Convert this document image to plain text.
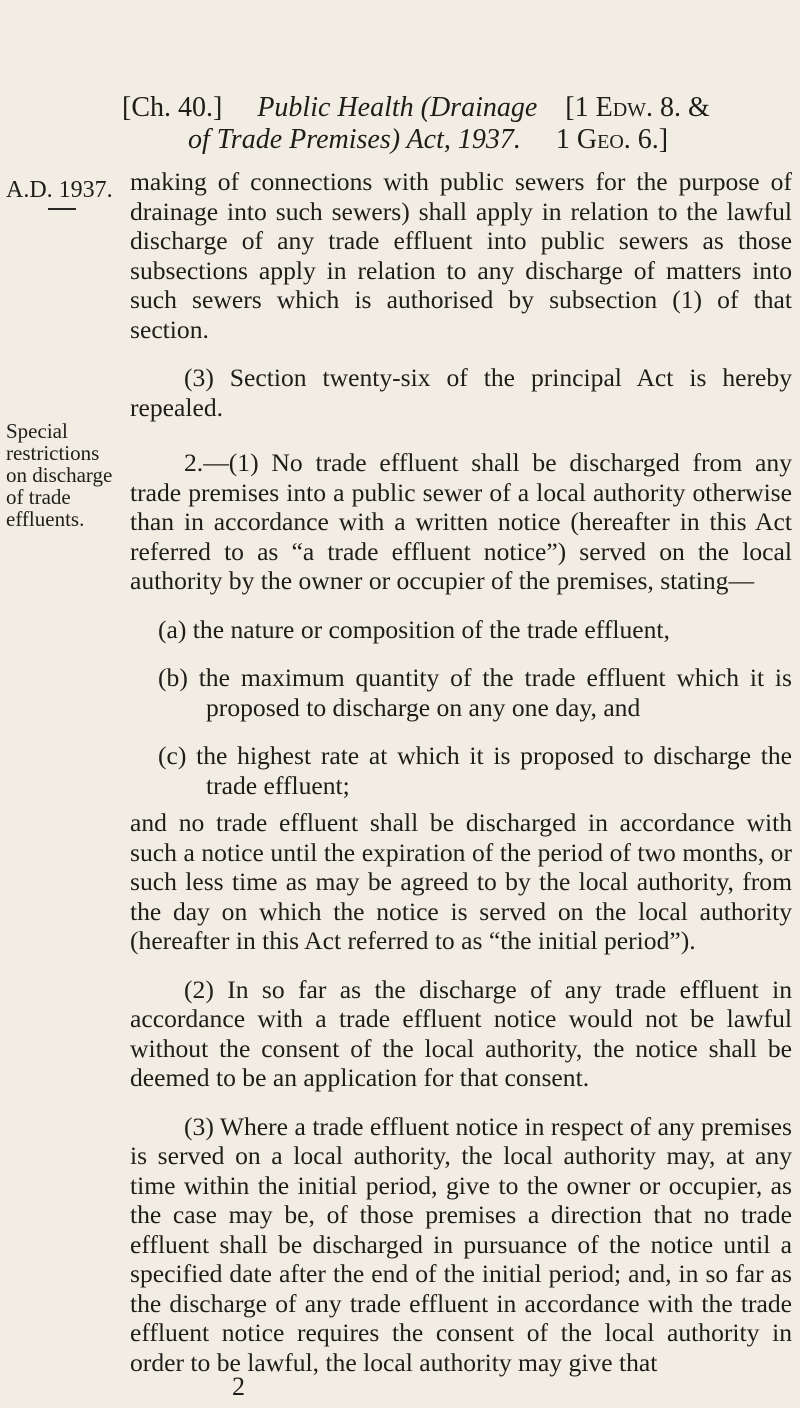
[Ch. 40.] Public Health (Drainage [1 Edw. 8. &
of Trade Premises) Act, 1937. 1 Geo. 6.]
A.D. 1937.
Special
restrictions
on discharge
of trade
effluents.

making of connections with public sewers for the purpose of drainage into such sewers) shall apply in relation to the lawful discharge of any trade effluent into public sewers as those subsections apply in relation to any discharge of matters into such sewers which is authorised by subsection (1) of that section.

(3) Section twenty-six of the principal Act is hereby repealed.

2.—(1) No trade effluent shall be discharged from any trade premises into a public sewer of a local authority otherwise than in accordance with a written notice (hereafter in this Act referred to as “a trade effluent notice”) served on the local authority by the owner or occupier of the premises, stating—

(a) the nature or composition of the trade effluent,

(b) the maximum quantity of the trade effluent which it is proposed to discharge on any one day, and

(c) the highest rate at which it is proposed to discharge the trade effluent;

and no trade effluent shall be discharged in accordance with such a notice until the expiration of the period of two months, or such less time as may be agreed to by the local authority, from the day on which the notice is served on the local authority (hereafter in this Act referred to as “the initial period”).

(2) In so far as the discharge of any trade effluent in accordance with a trade effluent notice would not be lawful without the consent of the local authority, the notice shall be deemed to be an application for that consent.

(3) Where a trade effluent notice in respect of any premises is served on a local authority, the local authority may, at any time within the initial period, give to the owner or occupier, as the case may be, of those premises a direction that no trade effluent shall be discharged in pursuance of the notice until a specified date after the end of the initial period; and, in so far as the discharge of any trade effluent in accordance with the trade effluent notice requires the consent of the local authority in order to be lawful, the local authority may give that

2
